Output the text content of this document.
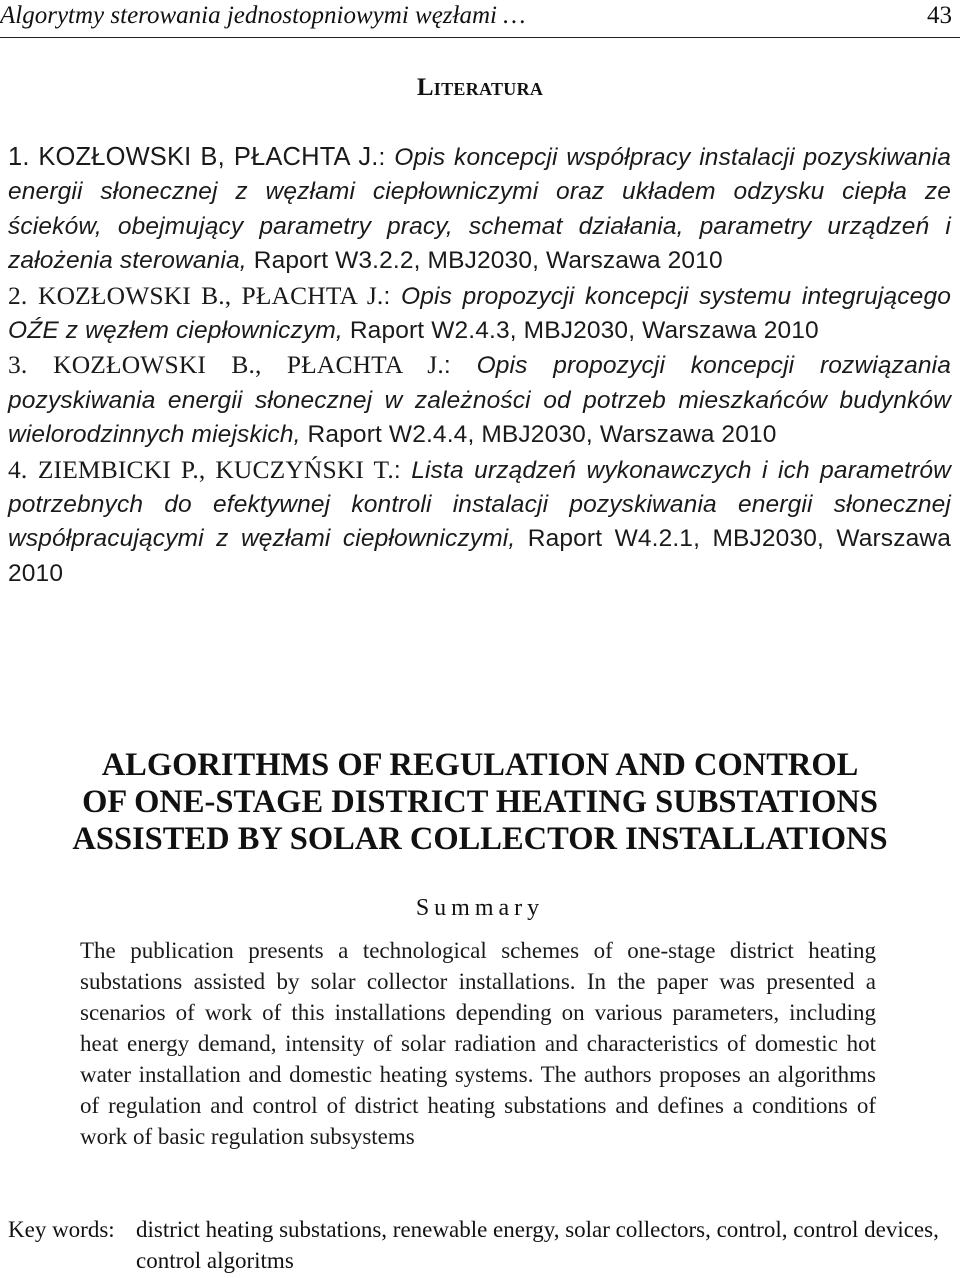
Algorytmy sterowania jednostopniowymi węzłami …	43
Literatura
1. KOZŁOWSKI B, PŁACHTA J.: Opis koncepcji współpracy instalacji pozyskiwania energii słonecznej z węzłami ciepłowniczymi oraz układem odzysku ciepła ze ścieków, obejmujący parametry pracy, schemat działania, parametry urządzeń i założenia sterowania, Raport W3.2.2, MBJ2030, Warszawa 2010
2. KOZŁOWSKI B., PŁACHTA J.: Opis propozycji koncepcji systemu integrującego OŹE z węzłem ciepłowniczym, Raport W2.4.3, MBJ2030, Warszawa 2010
3. KOZŁOWSKI B., PŁACHTA J.: Opis propozycji koncepcji rozwiązania pozyskiwania energii słonecznej w zależności od potrzeb mieszkańców budynków wielorodzinnych miejskich, Raport W2.4.4, MBJ2030, Warszawa 2010
4. ZIEMBICKI P., KUCZYŃSKI T.: Lista urządzeń wykonawczych i ich parametrów potrzebnych do efektywnej kontroli instalacji pozyskiwania energii słonecznej współpracującymi z węzłami ciepłowniczymi, Raport W4.2.1, MBJ2030, Warszawa 2010
ALGORITHMS OF REGULATION AND CONTROL
OF ONE-STAGE DISTRICT HEATING SUBSTATIONS
ASSISTED BY SOLAR COLLECTOR INSTALLATIONS
Summary
The publication presents a technological schemes of one-stage district heating substations assisted by solar collector installations. In the paper was presented a scenarios of work of this installations depending on various parameters, including heat energy demand, intensity of solar radiation and characteristics of domestic hot water installation and domestic heating systems. The authors proposes an algorithms of regulation and control of district heating substations and defines a conditions of work of basic regulation subsystems
Key words: district heating substations, renewable energy, solar collectors, control, control devices, control algoritms
